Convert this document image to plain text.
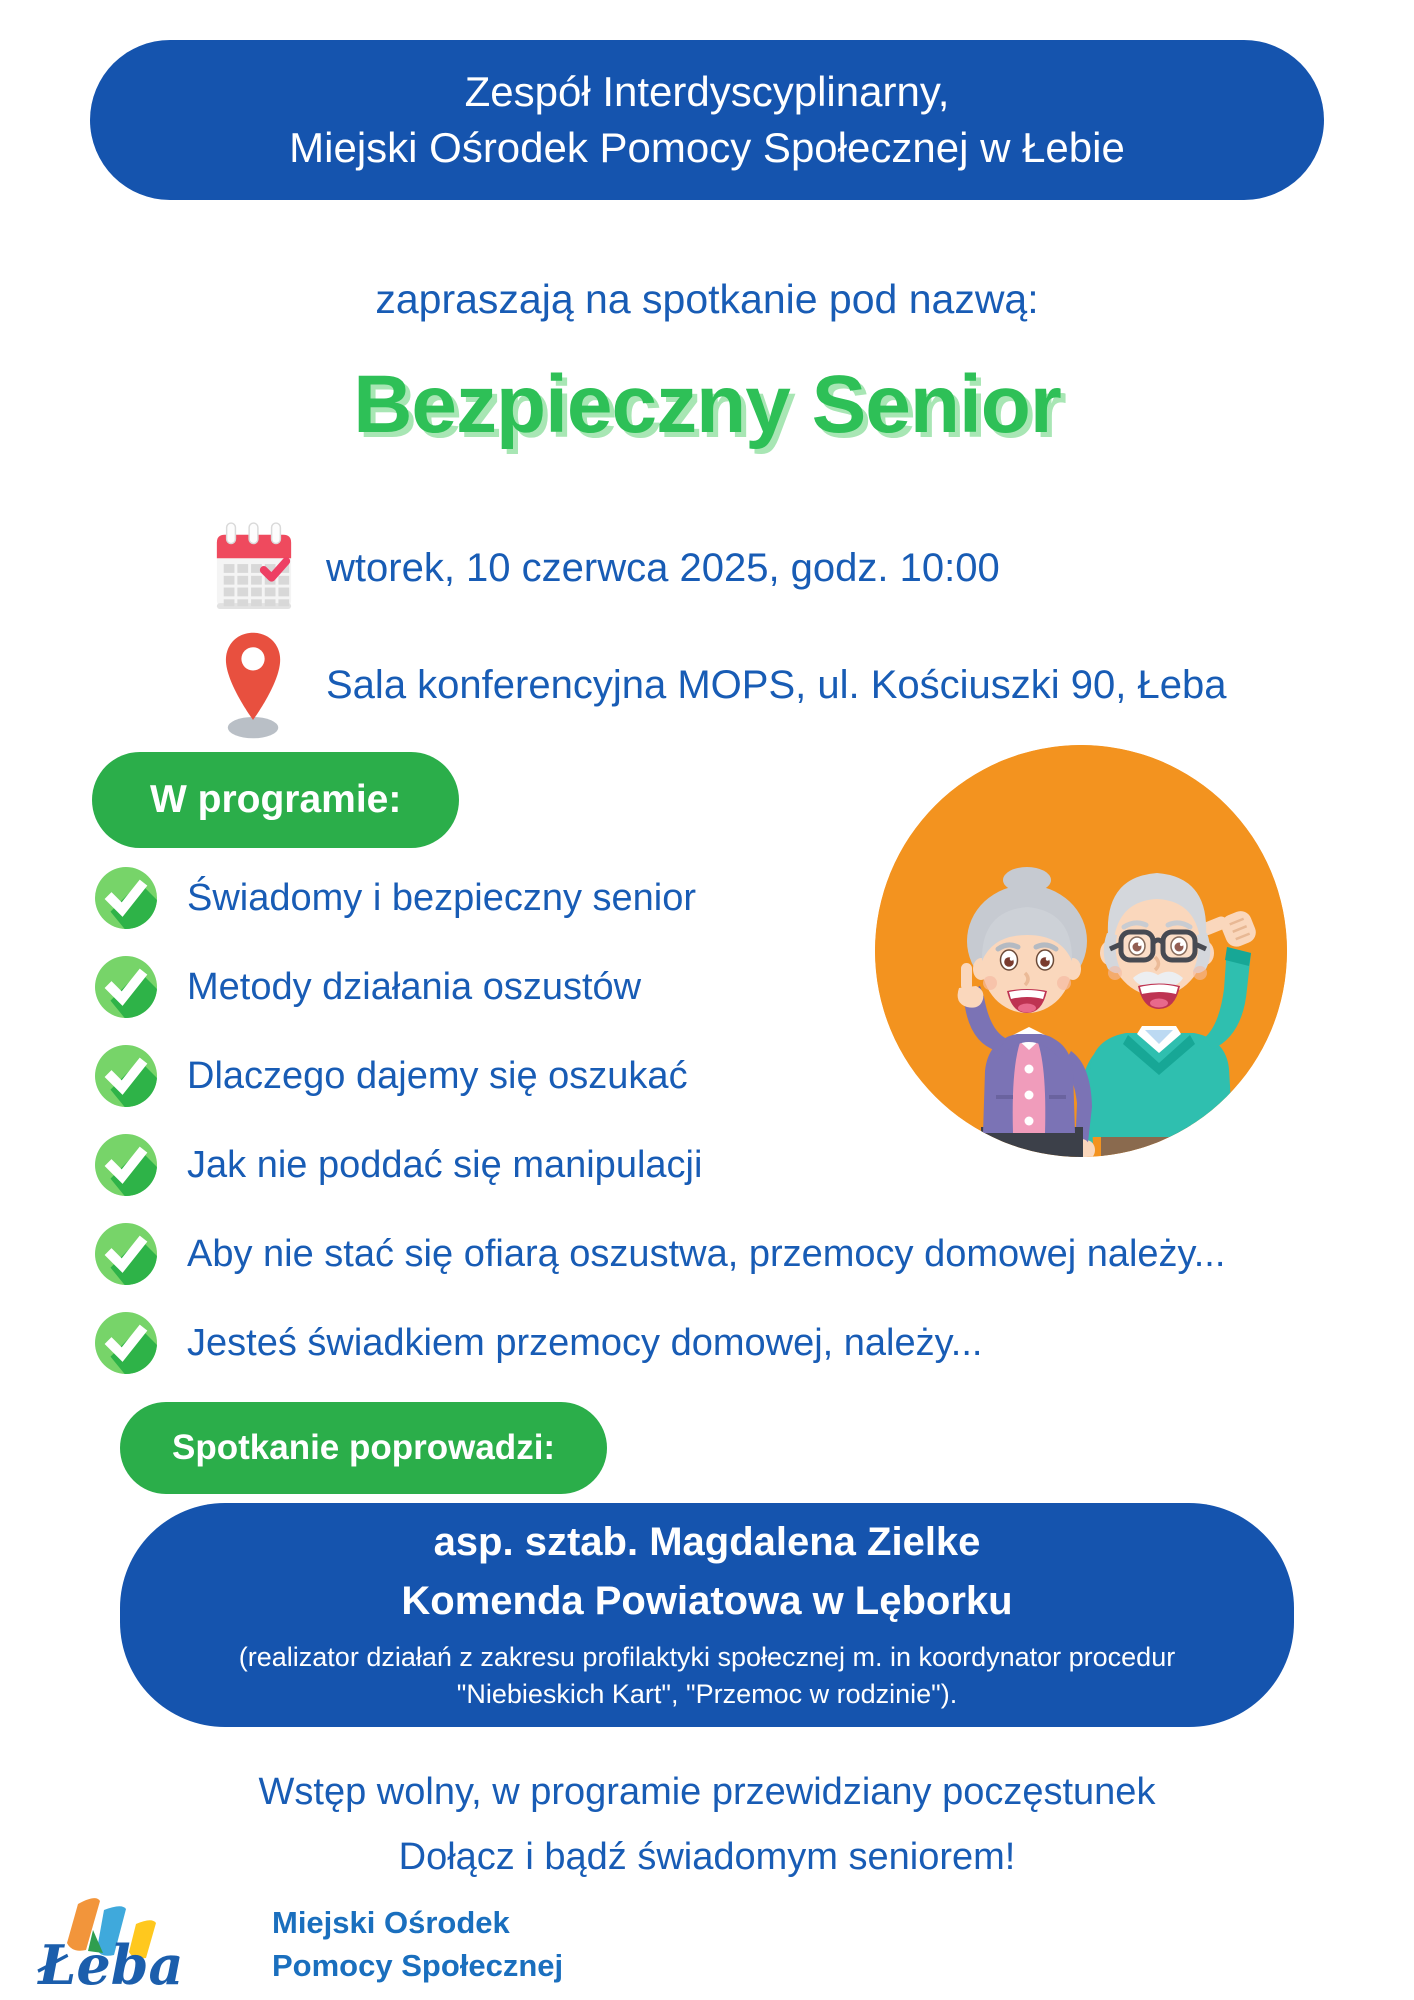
Zespół Interdyscyplinarny,
Miejski Ośrodek Pomocy Społecznej w Łebie
zapraszają na spotkanie pod nazwą:
Bezpieczny Senior
wtorek, 10 czerwca 2025, godz. 10:00
Sala konferencyjna MOPS, ul. Kościuszki 90, Łeba
W programie:
Świadomy i bezpieczny senior
Metody działania oszustów
Dlaczego dajemy się oszukać
Jak nie poddać się manipulacji
Aby nie stać się ofiarą oszustwa, przemocy domowej należy...
Jesteś świadkiem przemocy domowej, należy...
Spotkanie poprowadzi:
asp. sztab. Magdalena Zielke
Komenda Powiatowa w Lęborku
(realizator działań z zakresu profilaktyki społecznej m. in koordynator procedur
"Niebieskich Kart", "Przemoc w rodzinie").
Wstęp wolny, w programie przewidziany poczęstunek
Dołącz i bądź świadomym seniorem!
Łeba
Miejski Ośrodek
Pomocy Społecznej
